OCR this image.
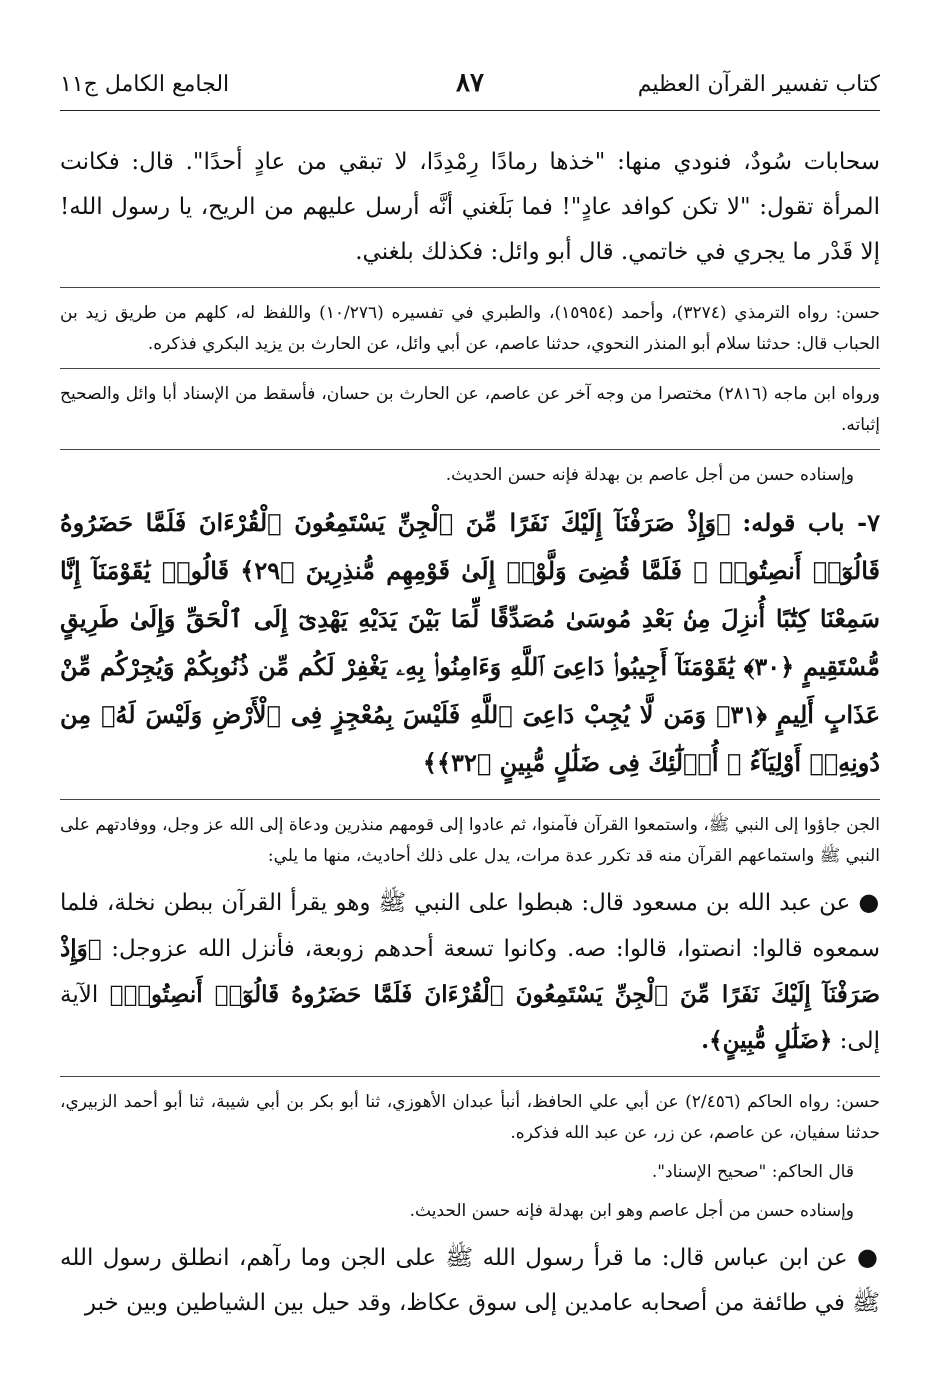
كتاب تفسير القرآن العظيم
٨٧
الجامع الكامل ج١١

سحابات سُودٌ، فنودي منها: "خذها رمادًا رِمْدِدًا، لا تبقي من عادٍ أحدًا". قال: فكانت المرأة تقول: "لا تكن كوافد عادٍ"! فما بَلَغني أنَّه أرسل عليهم من الريح، يا رسول الله! إلا قَدْر ما يجري في خاتمي. قال أبو وائل: فكذلك بلغني.

حسن: رواه الترمذي (٣٢٧٤)، وأحمد (١٥٩٥٤)، والطبري في تفسيره (١٠/٢٧٦) واللفظ له، كلهم من طريق زيد بن الحباب قال: حدثنا سلام أبو المنذر النحوي، حدثنا عاصم، عن أبي وائل، عن الحارث بن يزيد البكري فذكره.

ورواه ابن ماجه (٢٨١٦) مختصرا من وجه آخر عن عاصم، عن الحارث بن حسان، فأسقط من الإسناد أبا وائل والصحيح إثباته.

وإسناده حسن من أجل عاصم بن بهدلة فإنه حسن الحديث.

٧- باب قوله: ﴿وَإِذْ صَرَفْنَآ إِلَيْكَ نَفَرًا مِّنَ ٱلْجِنِّ يَسْتَمِعُونَ ٱلْقُرْءَانَ فَلَمَّا حَضَرُوهُ قَالُوٓا۟ أَنصِتُوا۟ ۖ فَلَمَّا قُضِىَ وَلَّوْا۟ إِلَىٰ قَوْمِهِم مُّنذِرِينَ ﴿٢٩﴾ قَالُوا۟ يَٰقَوْمَنَآ إِنَّا سَمِعْنَا كِتَٰبًا أُنزِلَ مِنۢ بَعْدِ مُوسَىٰ مُصَدِّقًا لِّمَا بَيْنَ يَدَيْهِ يَهْدِىٓ إِلَى ٱلْحَقِّ وَإِلَىٰ طَرِيقٍ مُّسْتَقِيمٍ ﴿٣٠﴾ يَٰقَوْمَنَآ أَجِيبُوا۟ دَاعِىَ ٱللَّهِ وَءَامِنُوا۟ بِهِۦ يَغْفِرْ لَكُم مِّن ذُنُوبِكُمْ وَيُجِرْكُم مِّنْ عَذَابٍ أَلِيمٍ ﴿٣١﴾ وَمَن لَّا يُجِبْ دَاعِىَ ٱللَّهِ فَلَيْسَ بِمُعْجِزٍ فِى ٱلْأَرْضِ وَلَيْسَ لَهُۥ مِن دُونِهِۦٓ أَوْلِيَآءُ ۚ أُو۟لَٰٓئِكَ فِى ضَلَٰلٍ مُّبِينٍ ﴿٣٢﴾﴾

الجن جاؤوا إلى النبي ﷺ، واستمعوا القرآن فآمنوا، ثم عادوا إلى قومهم منذرين ودعاة إلى الله عز وجل، ووفادتهم على النبي ﷺ واستماعهم القرآن منه قد تكرر عدة مرات، يدل على ذلك أحاديث، منها ما يلي:

● عن عبد الله بن مسعود قال: هبطوا على النبي ﷺ وهو يقرأ القرآن ببطن نخلة، فلما سمعوه قالوا: انصتوا، قالوا: صه. وكانوا تسعة أحدهم زوبعة، فأنزل الله عزوجل: ﴿وَإِذْ صَرَفْنَآ إِلَيْكَ نَفَرًا مِّنَ ٱلْجِنِّ يَسْتَمِعُونَ ٱلْقُرْءَانَ فَلَمَّا حَضَرُوهُ قَالُوٓا۟ أَنصِتُوا۟﴾ الآية إلى: ﴿ضَلَٰلٍ مُّبِينٍ﴾.

حسن: رواه الحاكم (٢/٤٥٦) عن أبي علي الحافظ، أنبأ عبدان الأهوزي، ثنا أبو بكر بن أبي شيبة، ثنا أبو أحمد الزبيري، حدثنا سفيان، عن عاصم، عن زر، عن عبد الله فذكره.

قال الحاكم: "صحيح الإسناد".

وإسناده حسن من أجل عاصم وهو ابن بهدلة فإنه حسن الحديث.

● عن ابن عباس قال: ما قرأ رسول الله ﷺ على الجن وما رآهم، انطلق رسول الله ﷺ في طائفة من أصحابه عامدين إلى سوق عكاظ، وقد حيل بين الشياطين وبين خبر
